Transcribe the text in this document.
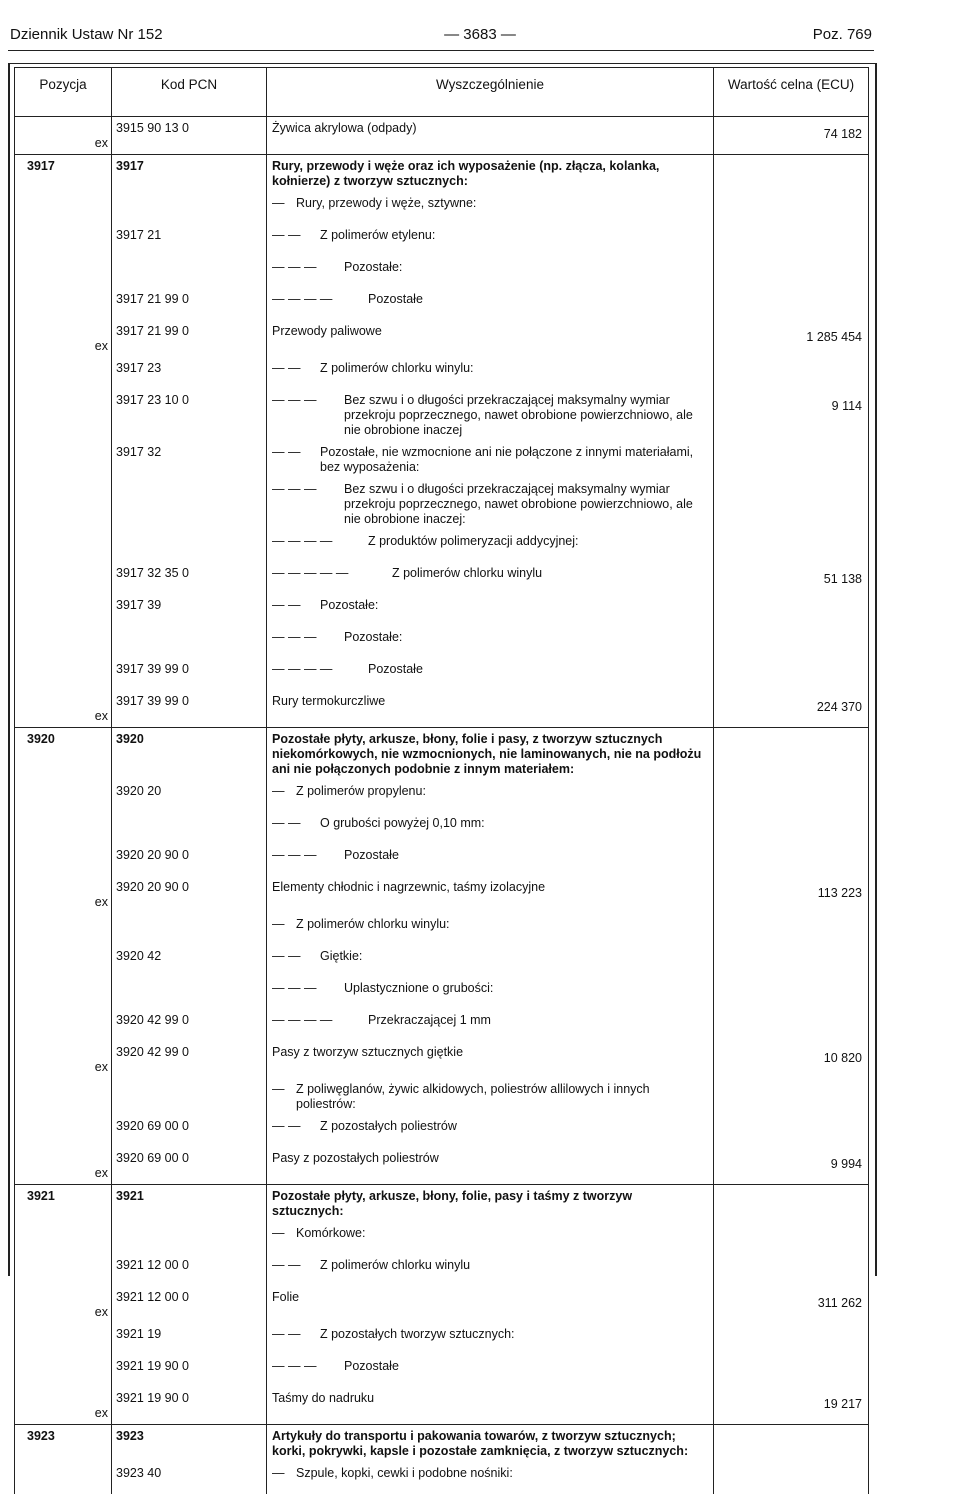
Dziennik Ustaw Nr 152	— 3683 —	Poz. 769
Pozycja	Kod PCN	Wyszczególnienie	Wartość celna (ECU)

ex	3915 90 13 0	Żywica akrylowa (odpady)	74 182
3917	3917	Rury, przewody i węże oraz ich wyposażenie (np. złącza, kolanka, kołnierze) z tworzyw sztucznych:	

		— Rury, przewody i węże, sztywne:	

	3917 21	— — Z polimerów etylenu:	

		— — — Pozostałe:	

	3917 21 99 0	— — — — Pozostałe	

ex	3917 21 99 0	Przewody paliwowe	1 285 454

	3917 23	— — Z polimerów chlorku winylu:	

	3917 23 10 0	— — — Bez szwu i o długości przekraczającej maksymalny wymiar przekroju poprzecznego, nawet obrobione powierzchniowo, ale nie obrobione inaczej	9 114

	3917 32	— — Pozostałe, nie wzmocnione ani nie połączone z innymi materiałami, bez wyposażenia:	

		— — — Bez szwu i o długości przekraczającej maksymalny wymiar przekroju poprzecznego, nawet obrobione powierzchniowo, ale nie obrobione inaczej:	

		— — — — Z produktów polimeryzacji addycyjnej:	

	3917 32 35 0	— — — — — Z polimerów chlorku winylu	51 138

	3917 39	— — Pozostałe:	

		— — — Pozostałe:	

	3917 39 99 0	— — — — Pozostałe	

ex	3917 39 99 0	Rury termokurczliwe	224 370
3920	3920	Pozostałe płyty, arkusze, błony, folie i pasy, z tworzyw sztucznych niekomórkowych, nie wzmocnionych, nie laminowanych, nie na podłożu ani nie połączonych podobnie z innym materiałem:	

	3920 20	— Z polimerów propylenu:	

		— — O grubości powyżej 0,10 mm:	

	3920 20 90 0	— — — Pozostałe	

ex	3920 20 90 0	Elementy chłodnic i nagrzewnic, taśmy izolacyjne	113 223

		— Z polimerów chlorku winylu:	

	3920 42	— — Giętkie:	

		— — — Uplastycznione o grubości:	

	3920 42 99 0	— — — — Przekraczającej 1 mm	

ex	3920 42 99 0	Pasy z tworzyw sztucznych giętkie	10 820

		— Z poliwęglanów, żywic alkidowych, poliestrów allilowych i innych poliestrów:	

	3920 69 00 0	— — Z pozostałych poliestrów	

ex	3920 69 00 0	Pasy z pozostałych poliestrów	9 994
3921	3921	Pozostałe płyty, arkusze, błony, folie, pasy i taśmy z tworzyw sztucznych:	

		— Komórkowe:	

	3921 12 00 0	— — Z polimerów chlorku winylu	

ex	3921 12 00 0	Folie	311 262

	3921 19	— — Z pozostałych tworzyw sztucznych:	

	3921 19 90 0	— — — Pozostałe	

ex	3921 19 90 0	Taśmy do nadruku	19 217
3923	3923	Artykuły do transportu i pakowania towarów, z tworzyw sztucznych; korki, pokrywki, kapsle i pozostałe zamknięcia, z tworzyw sztucznych:	

	3923 40	— Szpule, kopki, cewki i podobne nośniki:	
